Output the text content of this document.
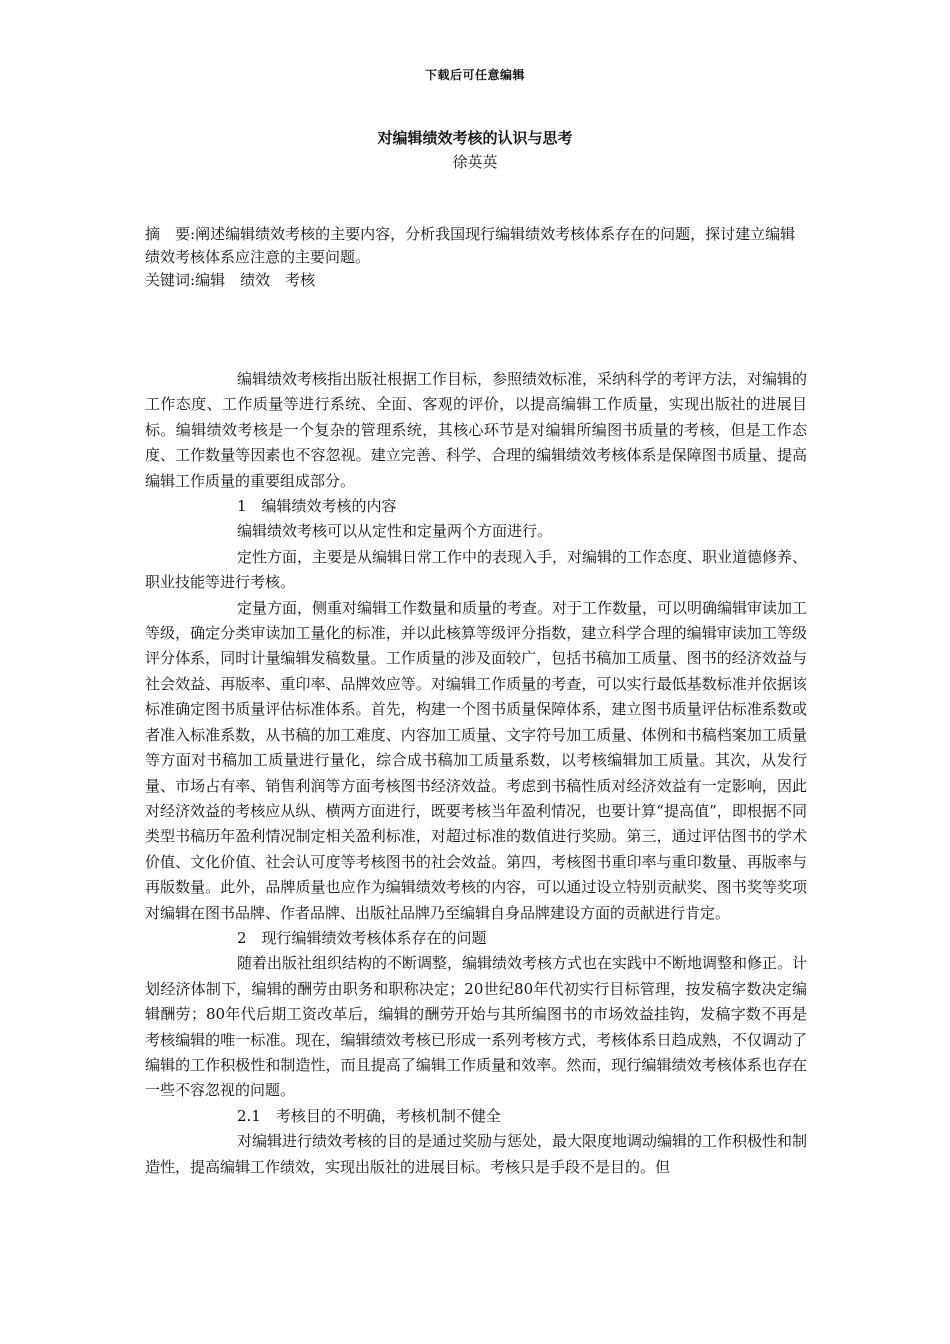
下载后可任意编辑
对编辑绩效考核的认识与思考
徐英英

摘　要:阐述编辑绩效考核的主要内容，分析我国现行编辑绩效考核体系存在的问题，探讨建立编辑绩效考核体系应注意的主要问题。

关键词:编辑　绩效　考核

编辑绩效考核指出版社根据工作目标，参照绩效标准，采纳科学的考评方法，对编辑的工作态度、工作质量等进行系统、全面、客观的评价，以提高编辑工作质量，实现出版社的进展目标。编辑绩效考核是一个复杂的管理系统，其核心环节是对编辑所编图书质量的考核，但是工作态度、工作数量等因素也不容忽视。建立完善、科学、合理的编辑绩效考核体系是保障图书质量、提高编辑工作质量的重要组成部分。

1　编辑绩效考核的内容

编辑绩效考核可以从定性和定量两个方面进行。

定性方面，主要是从编辑日常工作中的表现入手，对编辑的工作态度、职业道德修养、职业技能等进行考核。

定量方面，侧重对编辑工作数量和质量的考查。对于工作数量，可以明确编辑审读加工等级，确定分类审读加工量化的标准，并以此核算等级评分指数，建立科学合理的编辑审读加工等级评分体系，同时计量编辑发稿数量。工作质量的涉及面较广，包括书稿加工质量、图书的经济效益与社会效益、再版率、重印率、品牌效应等。对编辑工作质量的考查，可以实行最低基数标准并依据该标准确定图书质量评估标准体系。首先，构建一个图书质量保障体系，建立图书质量评估标准系数或者准入标准系数，从书稿的加工难度、内容加工质量、文字符号加工质量、体例和书稿档案加工质量等方面对书稿加工质量进行量化，综合成书稿加工质量系数，以考核编辑加工质量。其次，从发行量、市场占有率、销售利润等方面考核图书经济效益。考虑到书稿性质对经济效益有一定影响，因此对经济效益的考核应从纵、横两方面进行，既要考核当年盈利情况，也要计算“提高值”，即根据不同类型书稿历年盈利情况制定相关盈利标准，对超过标准的数值进行奖励。第三，通过评估图书的学术价值、文化价值、社会认可度等考核图书的社会效益。第四，考核图书重印率与重印数量、再版率与再版数量。此外，品牌质量也应作为编辑绩效考核的内容，可以通过设立特别贡献奖、图书奖等奖项对编辑在图书品牌、作者品牌、出版社品牌乃至编辑自身品牌建设方面的贡献进行肯定。

2　现行编辑绩效考核体系存在的问题

随着出版社组织结构的不断调整，编辑绩效考核方式也在实践中不断地调整和修正。计划经济体制下，编辑的酬劳由职务和职称决定；20世纪80年代初实行目标管理，按发稿字数决定编辑酬劳；80年代后期工资改革后，编辑的酬劳开始与其所编图书的市场效益挂钩，发稿字数不再是考核编辑的唯一标准。现在，编辑绩效考核已形成一系列考核方式，考核体系日趋成熟，不仅调动了编辑的工作积极性和制造性，而且提高了编辑工作质量和效率。然而，现行编辑绩效考核体系也存在一些不容忽视的问题。

2.1　考核目的不明确，考核机制不健全

对编辑进行绩效考核的目的是通过奖励与惩处，最大限度地调动编辑的工作积极性和制造性，提高编辑工作绩效，实现出版社的进展目标。考核只是手段不是目的。但
